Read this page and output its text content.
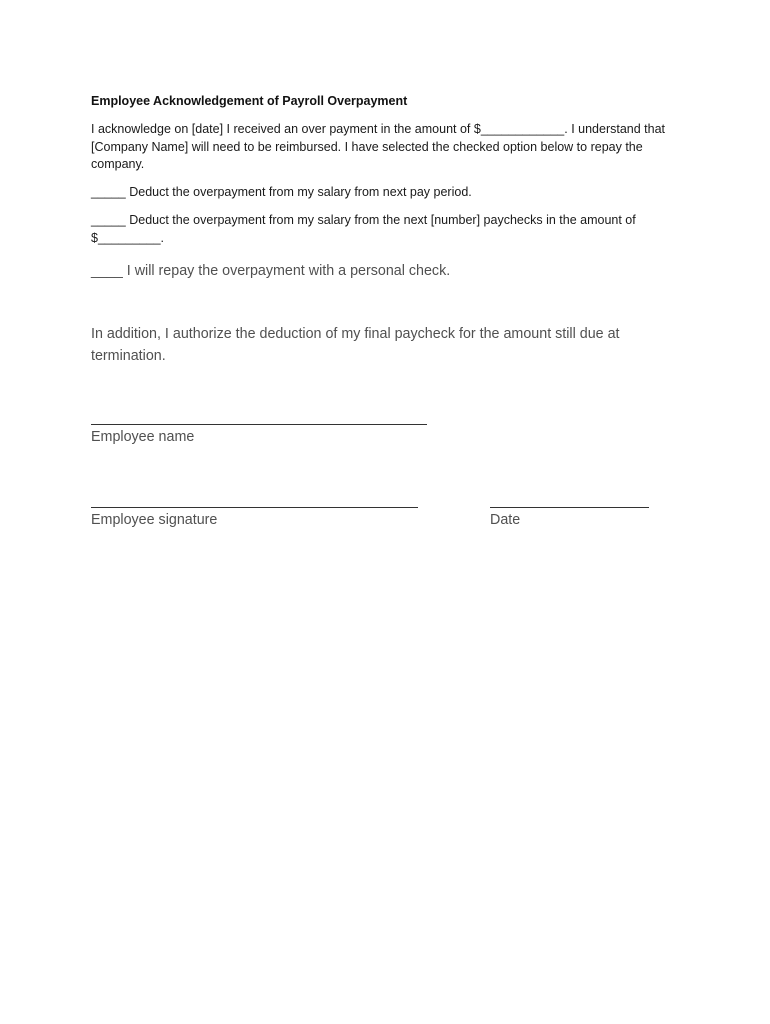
Employee Acknowledgement of Payroll Overpayment
I acknowledge on [date] I received an over payment in the amount of $____________. I understand that [Company Name] will need to be reimbursed. I have selected the checked option below to repay the company.
_____ Deduct the overpayment from my salary from next pay period.
_____ Deduct the overpayment from my salary from the next [number] paychecks in the amount of $_________.
____ I will repay the overpayment with a personal check.
In addition, I authorize the deduction of my final paycheck for the amount still due at termination.
Employee name
Employee signature	Date
